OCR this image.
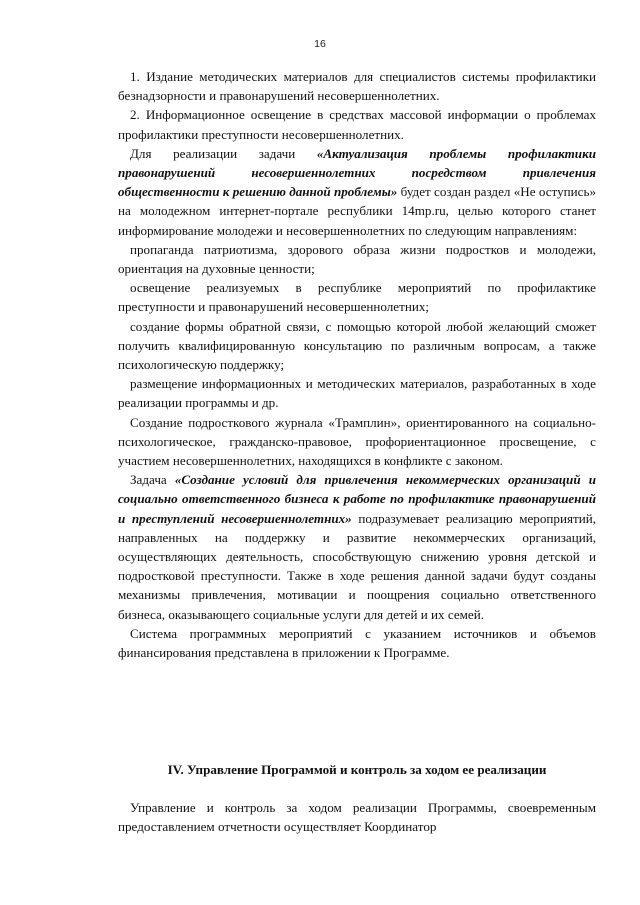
16

1. Издание методических материалов для специалистов системы профилактики безнадзорности и правонарушений несовершеннолетних.

2. Информационное освещение в средствах массовой информации о проблемах профилактики преступности несовершеннолетних.

Для реализации задачи «Актуализация проблемы профилактики правонарушений несовершеннолетних посредством привлечения общественности к решению данной проблемы» будет создан раздел «Не оступись» на молодежном интернет-портале республики 14mp.ru, целью которого станет информирование молодежи и несовершеннолетних по следующим направлениям:

пропаганда патриотизма, здорового образа жизни подростков и молодежи, ориентация на духовные ценности;

освещение реализуемых в республике мероприятий по профилактике преступности и правонарушений несовершеннолетних;

создание формы обратной связи, с помощью которой любой желающий сможет получить квалифицированную консультацию по различным вопросам, а также психологическую поддержку;

размещение информационных и методических материалов, разработанных в ходе реализации программы и др.

Создание подросткового журнала «Трамплин», ориентированного на социально-психологическое, гражданско-правовое, профориентационное просвещение, с участием несовершеннолетних, находящихся в конфликте с законом.

Задача «Создание условий для привлечения некоммерческих организаций и социально ответственного бизнеса к работе по профилактике правонарушений и преступлений несовершеннолетних» подразумевает реализацию мероприятий, направленных на поддержку и развитие некоммерческих организаций, осуществляющих деятельность, способствующую снижению уровня детской и подростковой преступности. Также в ходе решения данной задачи будут созданы механизмы привлечения, мотивации и поощрения социально ответственного бизнеса, оказывающего социальные услуги для детей и их семей.

Система программных мероприятий с указанием источников и объемов финансирования представлена в приложении к Программе.

IV. Управление Программой и контроль за ходом ее реализации

Управление и контроль за ходом реализации Программы, своевременным предоставлением отчетности осуществляет Координатор
